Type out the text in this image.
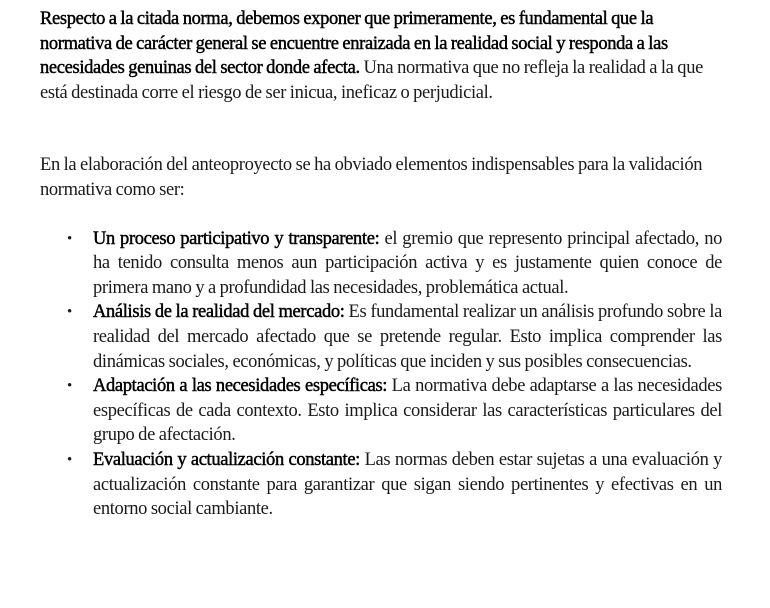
Respecto a la citada norma, debemos exponer que primeramente, es fundamental que la normativa de carácter general se encuentre enraizada en la realidad social y responda a las necesidades genuinas del sector donde afecta. Una normativa que no refleja la realidad a la que está destinada corre el riesgo de ser inicua, ineficaz o perjudicial.

En la elaboración del anteoproyecto se ha obviado elementos indispensables para la validación normativa como ser:

• Un proceso participativo y transparente: el gremio que represento principal afectado, no ha tenido consulta menos aun participación activa y es justamente quien conoce de primera mano y a profundidad las necesidades, problemática actual.
• Análisis de la realidad del mercado: Es fundamental realizar un análisis profundo sobre la realidad del mercado afectado que se pretende regular. Esto implica comprender las dinámicas sociales, económicas, y políticas que inciden y sus posibles consecuencias.
• Adaptación a las necesidades específicas: La normativa debe adaptarse a las necesidades específicas de cada contexto. Esto implica considerar las características particulares del grupo de afectación.
• Evaluación y actualización constante: Las normas deben estar sujetas a una evaluación y actualización constante para garantizar que sigan siendo pertinentes y efectivas en un entorno social cambiante.
